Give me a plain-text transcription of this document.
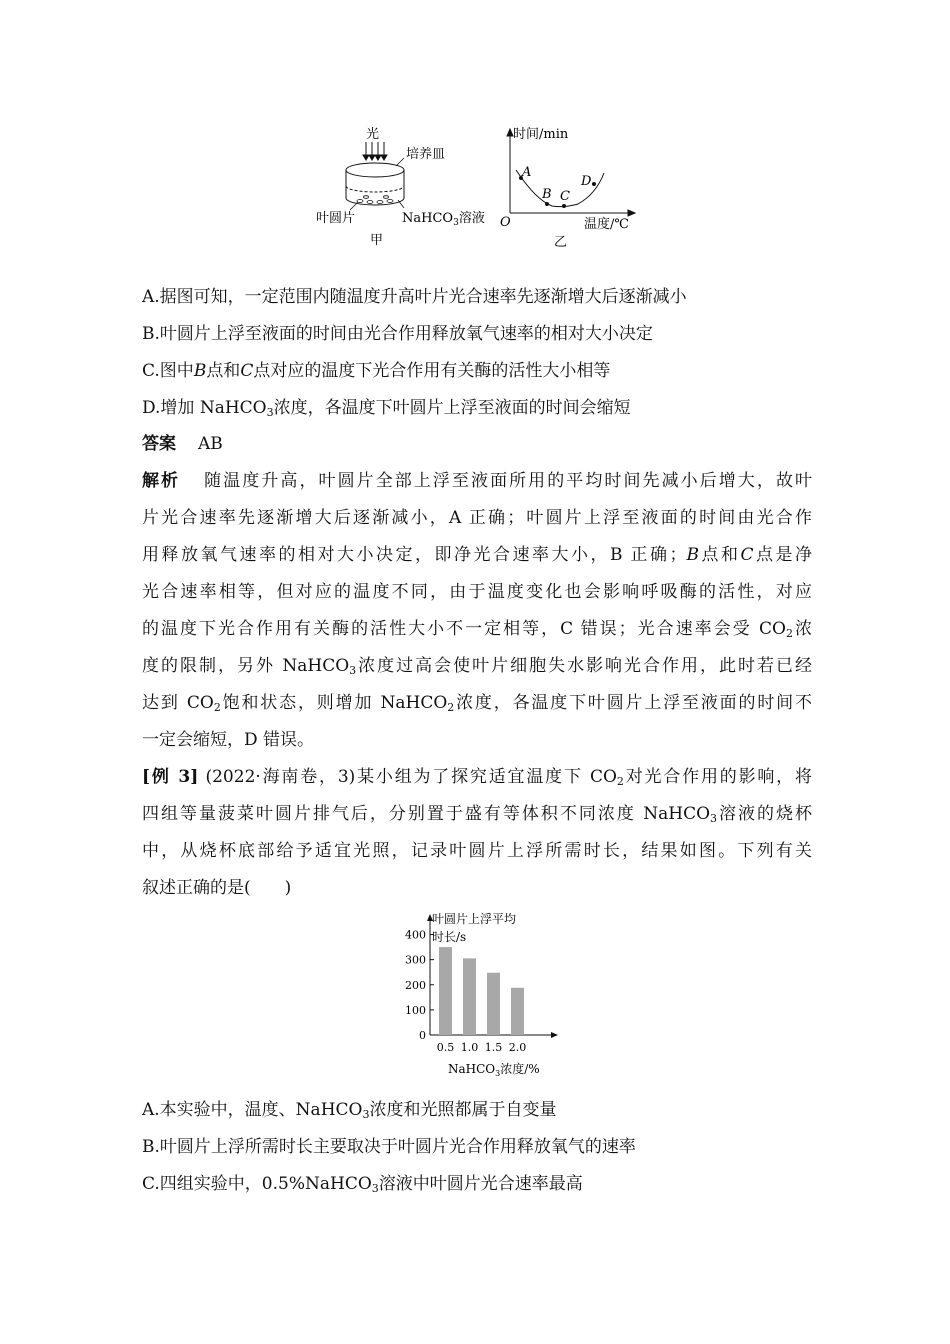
光
培养皿
叶圆片	NaHCO$_3$溶液
甲
时间/min
温度/℃
O
A
B C
D
乙
A.据图可知，一定范围内随温度升高叶片光合速率先逐渐增大后逐渐减小
B.叶圆片上浮至液面的时间由光合作用释放氧气速率的相对大小决定
C.图中B点和C点对应的温度下光合作用有关酶的活性大小相等
D.增加 NaHCO$_3$浓度，各温度下叶圆片上浮至液面的时间会缩短
答案 AB
解析 随温度升高，叶圆片全部上浮至液面所用的平均时间先减小后增大，故叶
片光合速率先逐渐增大后逐渐减小，A 正确；叶圆片上浮至液面的时间由光合作
用释放氧气速率的相对大小决定，即净光合速率大小，B 正确；B点和C点是净
光合速率相等，但对应的温度不同，由于温度变化也会影响呼吸酶的活性，对应
的温度下光合作用有关酶的活性大小不一定相等，C 错误；光合速率会受 $CO_2$浓
度的限制，另外 NaHCO$_3$浓度过高会使叶片细胞失水影响光合作用，此时若已经
达到 $CO_2$饱和状态，则增加 NaHCO$_2$浓度，各温度下叶圆片上浮至液面的时间不
一定会缩短，D 错误。
[例 3] (2022·海南卷，3)某小组为了探究适宜温度下 $CO_2$对光合作用的影响，将
四组等量菠菜叶圆片排气后，分别置于盛有等体积不同浓度 NaHCO$_3$溶液的烧杯
中，从烧杯底部给予适宜光照，记录叶圆片上浮所需时长，结果如图。下列有关
叙述正确的是(　　)
叶圆片上浮平均
时长/s
0
100
200
300
400
0.5 1.0 1.5 2.0
NaHCO$_3$浓度/%
A.本实验中，温度、NaHCO$_3$浓度和光照都属于自变量
B.叶圆片上浮所需时长主要取决于叶圆片光合作用释放氧气的速率
C.四组实验中，0.5%NaHCO$_3$溶液中叶圆片光合速率最高
